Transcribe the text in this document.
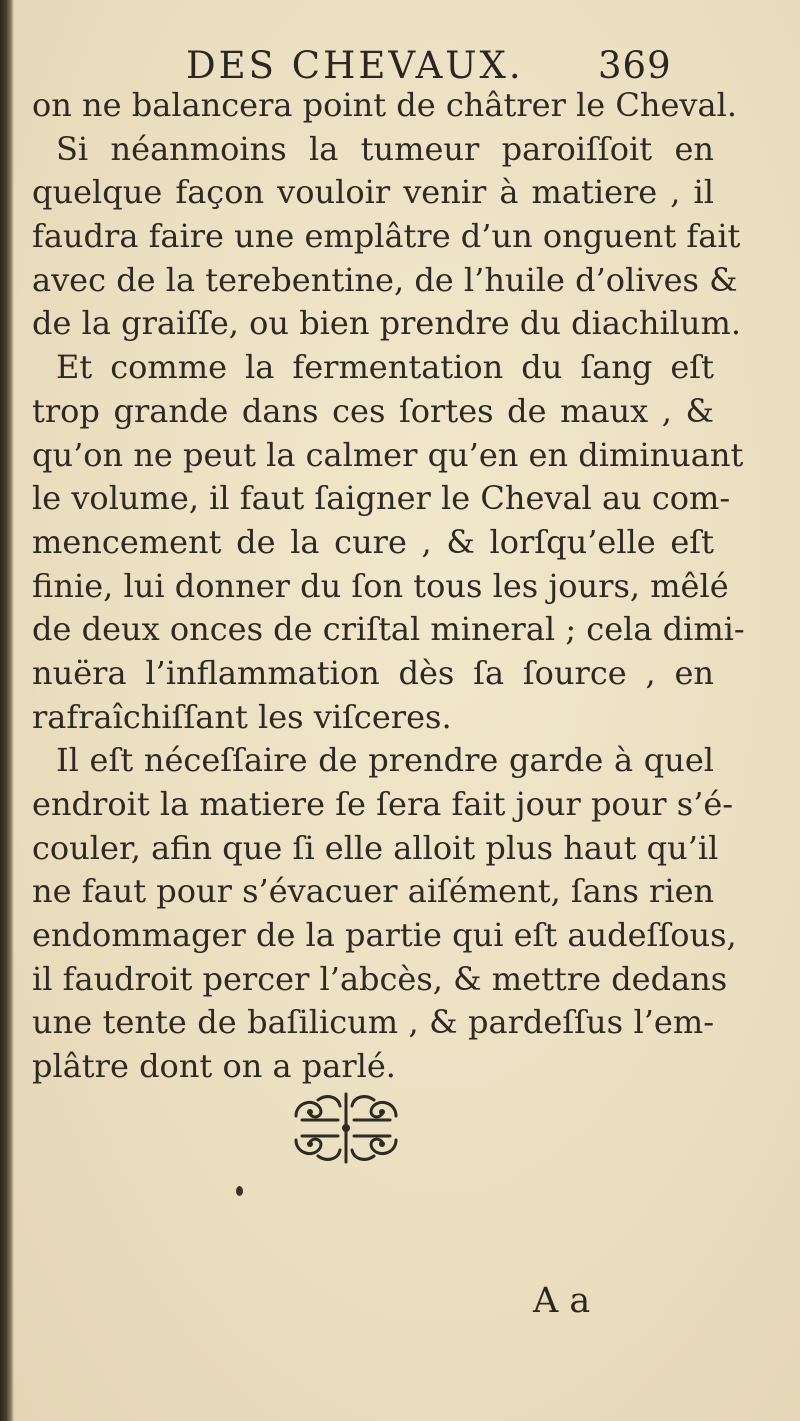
DES CHEVAUX. 369
on ne balancera point de châtrer le Cheval.
Si néanmoins la tumeur paroiſſoit en
quelque façon vouloir venir à matiere , il
faudra faire une emplâtre d’un onguent fait
avec de la terebentine, de l’huile d’olives &
de la graiſſe, ou bien prendre du diachilum.
Et comme la fermentation du ſang eſt
trop grande dans ces ſortes de maux , &
qu’on ne peut la calmer qu’en en diminuant
le volume, il faut ſaigner le Cheval au com-
mencement de la cure , & lorſqu’elle eſt
finie, lui donner du ſon tous les jours, mêlé
de deux onces de criſtal mineral ; cela dimi-
nuëra l’inflammation dès ſa ſource , en
rafraîchiſſant les viſceres.
Il eſt néceſſaire de prendre garde à quel
endroit la matiere ſe ſera fait jour pour s’é-
couler, afin que ſi elle alloit plus haut qu’il
ne faut pour s’évacuer aiſément, ſans rien
endommager de la partie qui eſt audeſſous,
il faudroit percer l’abcès, & mettre dedans
une tente de baſilicum , & pardeſſus l’em-
plâtre dont on a parlé.
A a
